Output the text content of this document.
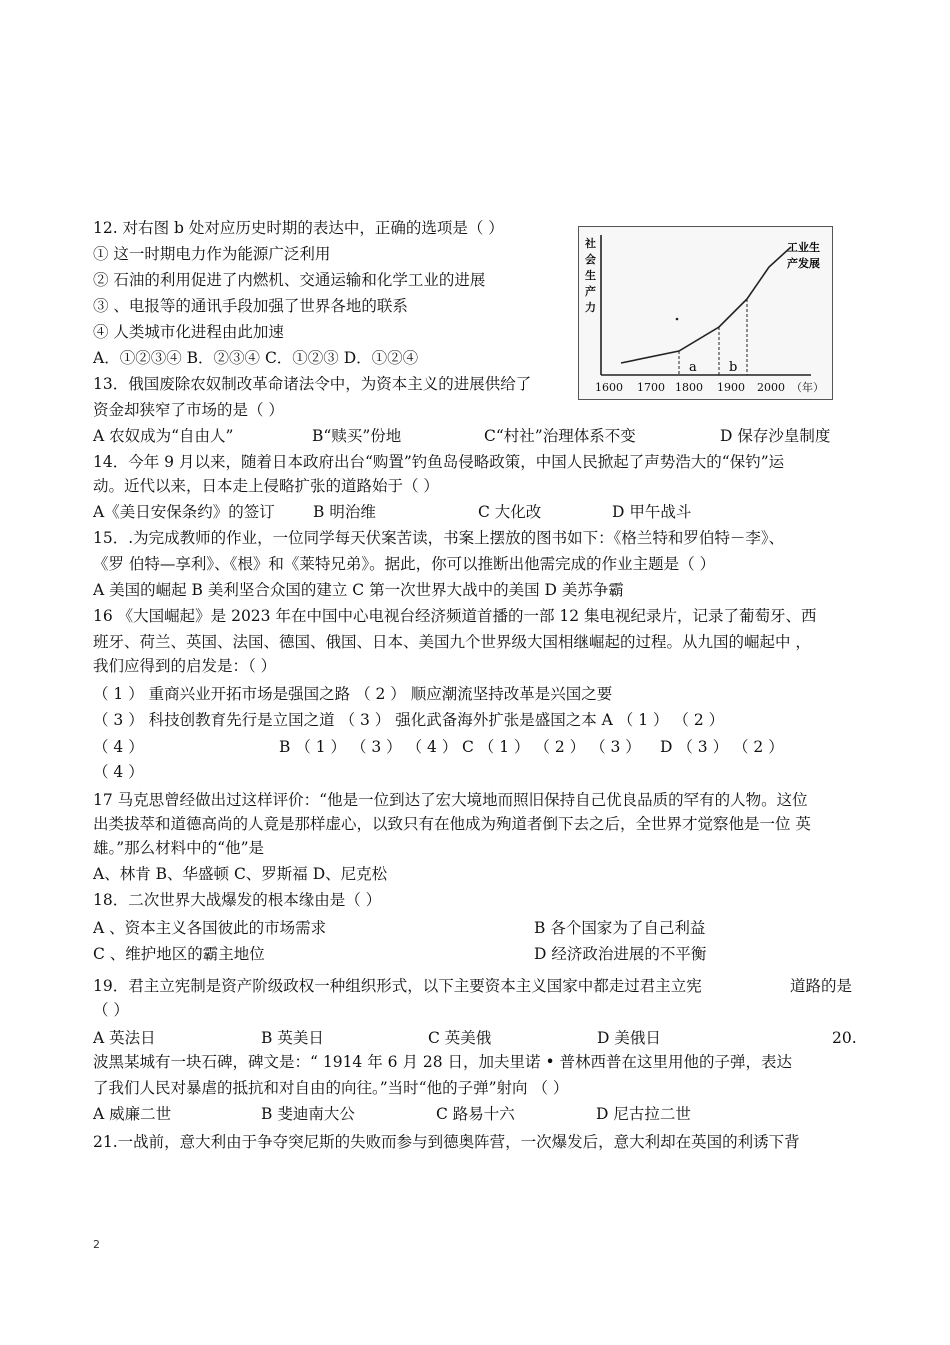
12. 对右图 b 处对应历史时期的表达中，正确的选项是（ ）
① 这一时期电力作为能源广泛利用
② 石油的利用促进了内燃机、交通运输和化学工业的进展
③ 、电报等的通讯手段加强了世界各地的联系
④ 人类城市化进程由此加速
A．①②③④ B．②③④ C．①②③ D．①②④
社
会
生
产
力
a b
工业生
产发展
1600 1700 1800 1900 2000 （年）
13．俄国废除农奴制改革命诸法令中，为资本主义的进展供给了
资金却狭窄了市场的是（ ）
A 农奴成为“自由人”	B“赎买”份地	C“村社”治理体系不变	D 保存沙皇制度
14．今年 9 月以来，随着日本政府出台“购置”钓鱼岛侵略政策，中国人民掀起了声势浩大的“保钓”运
动。近代以来，日本走上侵略扩张的道路始于（ ）
A《美日安保条约》的签订 B 明治维	C 大化改	D 甲午战斗
15．.为完成教师的作业，一位同学每天伏案苦读，书案上摆放的图书如下：《格兰特和罗伯特－李》、
《罗 伯特—享利》、《根》和《莱特兄弟》。据此，你可以推断出他需完成的作业主题是（ ）
A 美国的崛起 B 美利坚合众国的建立 C 第一次世界大战中的美国 D 美苏争霸
16 《大国崛起》是 2023 年在中国中心电视台经济频道首播的一部 12 集电视纪录片，记录了葡萄牙、西
班牙、荷兰、英国、法国、德国、俄国、日本、美国九个世界级大国相继崛起的过程。从九国的崛起中 ，
我们应得到的启发是：（ ）
（ 1 ） 重商兴业开拓市场是强国之路 （ 2 ） 顺应潮流坚持改革是兴国之要
（ 3 ） 科技创教育先行是立国之道 （ 3 ） 强化武备海外扩张是盛国之本 A （ 1 ） （ 2 ）
（ 4 ）	B （ 1 ） （ 3 ） （ 4 ） C （ 1 ） （ 2 ） （ 3 ） D （ 3 ） （ 2 ）
（ 4 ）
17 马克思曾经做出过这样评价：“他是一位到达了宏大境地而照旧保持自己优良品质的罕有的人物。这位
出类拔萃和道德高尚的人竟是那样虚心，以致只有在他成为殉道者倒下去之后，全世界才觉察他是一位 英
雄。”那么材料中的“他”是
A、林肯 B、华盛顿 C、罗斯福 D、尼克松
18．二次世界大战爆发的根本缘由是（ ）
A 、资本主义各国彼此的市场需求	B 各个国家为了自己利益
C 、维护地区的霸主地位	D 经济政治进展的不平衡
19．君主立宪制是资产阶级政权一种组织形式，以下主要资本主义国家中都走过君主立宪	道路的是
（ ）
A 英法日	B 英美日	C 英美俄	D 美俄日	20.
波黑某城有一块石碑，碑文是：“ 1914 年 6 月 28 日，加夫里诺 • 普林西普在这里用他的子弹，表达
了我们人民对暴虐的抵抗和对自由的向往。”当时“他的子弹”射向 （ ）
A 威廉二世	B 斐迪南大公	C 路易十六	D 尼古拉二世
21.一战前，意大利由于争夺突尼斯的失败而参与到德奥阵营，一次爆发后，意大利却在英国的利诱下背
2
